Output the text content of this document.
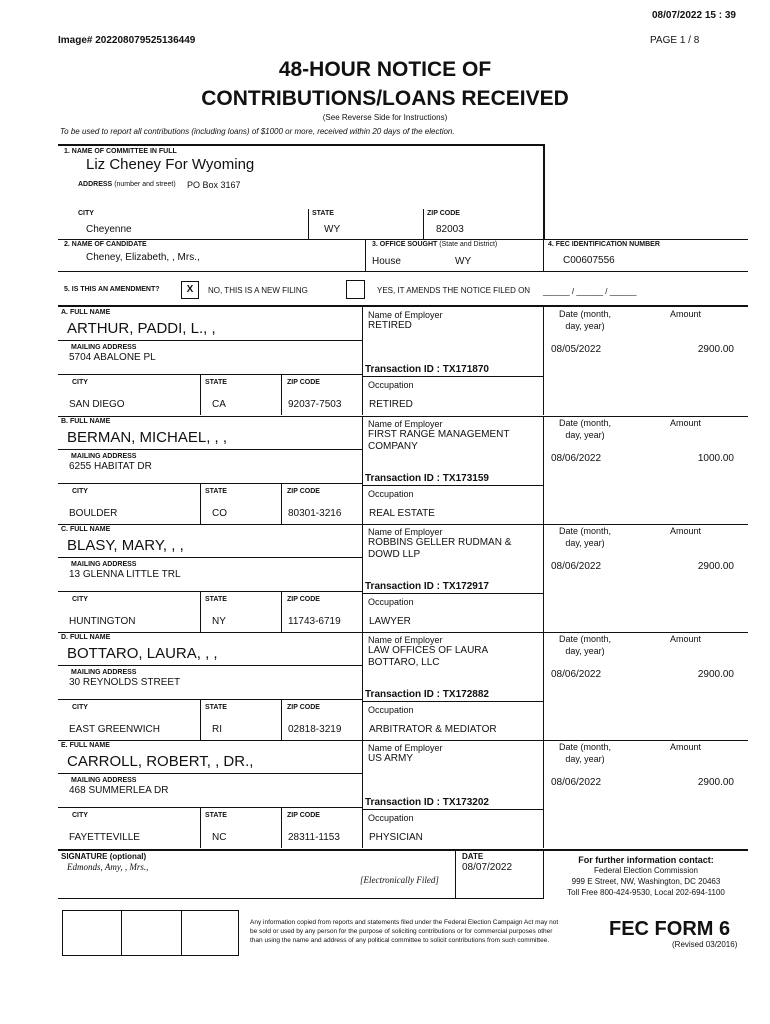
08/07/2022 15 : 39
Image# 202208079525136449	PAGE 1 / 8
48-HOUR NOTICE OF
CONTRIBUTIONS/LOANS RECEIVED
(See Reverse Side for Instructions)
To be used to report all contributions (including loans) of $1000 or more, received within 20 days of the election.
1. NAME OF COMMITTEE IN FULL
Liz Cheney For Wyoming
ADDRESS (number and street) PO Box 3167
CITY	STATE	ZIP CODE
Cheyenne	WY	82003
2. NAME OF CANDIDATE
Cheney, Elizabeth, , Mrs.,
3. OFFICE SOUGHT (State and District)
House	WY
4. FEC IDENTIFICATION NUMBER
C00607556
5. IS THIS AN AMENDMENT?	X	NO, THIS IS A NEW FILING	YES, IT AMENDS THE NOTICE FILED ON ______ / ______ / ______
A. FULL NAME
ARTHUR, PADDI, L., ,
MAILING ADDRESS
5704 ABALONE PL
CITY	STATE	ZIP CODE
SAN DIEGO	CA	92037-7503
Name of Employer
RETIRED
Transaction ID : TX171870
Occupation
RETIRED
Date (month,
day, year)
Amount
08/05/2022	2900.00
B. FULL NAME
BERMAN, MICHAEL, , ,
MAILING ADDRESS
6255 HABITAT DR
CITY	STATE	ZIP CODE
BOULDER	CO	80301-3216
Name of Employer
FIRST RANGE MANAGEMENT
COMPANY
Transaction ID : TX173159
Occupation
REAL ESTATE
Date (month,
day, year)
Amount
08/06/2022	1000.00
C. FULL NAME
BLASY, MARY, , ,
MAILING ADDRESS
13 GLENNA LITTLE TRL
CITY	STATE	ZIP CODE
HUNTINGTON	NY	11743-6719
Name of Employer
ROBBINS GELLER RUDMAN &
DOWD LLP
Transaction ID : TX172917
Occupation
LAWYER
Date (month,
day, year)
Amount
08/06/2022	2900.00
D. FULL NAME
BOTTARO, LAURA, , ,
MAILING ADDRESS
30 REYNOLDS STREET
CITY	STATE	ZIP CODE
EAST GREENWICH	RI	02818-3219
Name of Employer
LAW OFFICES OF LAURA
BOTTARO, LLC
Transaction ID : TX172882
Occupation
ARBITRATOR & MEDIATOR
Date (month,
day, year)
Amount
08/06/2022	2900.00
E. FULL NAME
CARROLL, ROBERT, , DR.,
MAILING ADDRESS
468 SUMMERLEA DR
CITY	STATE	ZIP CODE
FAYETTEVILLE	NC	28311-1153
Name of Employer
US ARMY
Transaction ID : TX173202
Occupation
PHYSICIAN
Date (month,
day, year)
Amount
08/06/2022	2900.00
SIGNATURE (optional)
Edmonds, Amy, , Mrs.,
[Electronically Filed]
DATE
08/07/2022
For further information contact:
Federal Election Commission
999 E Street, NW, Washington, DC 20463
Toll Free 800-424-9530, Local 202-694-1100
Any information copied from reports and statements filed under the Federal Election Campaign Act may not
be sold or used by any person for the purpose of soliciting contributions or for commercial purposes other
than using the name and address of any political committee to solicit contributions from such committee.
FEC FORM 6
(Revised 03/2016)
